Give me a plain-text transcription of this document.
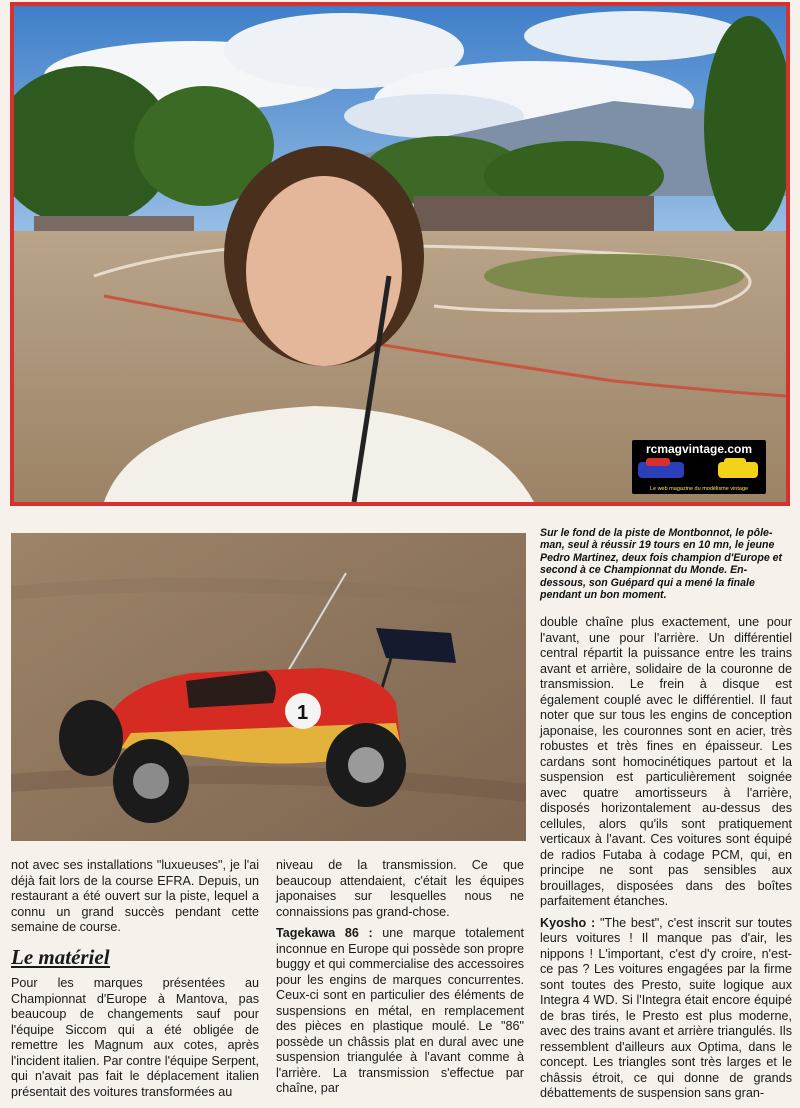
rcmagvintage.com
Le web magazine du modélisme vintage
1
Sur le fond de la piste de Montbonnot, le pôle-man, seul à réussir 19 tours en 10 mn, le jeune Pedro Martinez, deux fois champion d'Europe et second à ce Championnat du Monde. En-dessous, son Guépard qui a mené la finale pendant un bon moment.

not avec ses installations "luxueuses", je l'ai déjà fait lors de la course EFRA. Depuis, un restaurant a été ouvert sur la piste, lequel a connu un grand succès pendant cette semaine de course.

Le matériel

Pour les marques présentées au Championnat d'Europe à Mantova, pas beaucoup de changements sauf pour l'équipe Siccom qui a été obligée de remettre les Magnum aux cotes, après l'incident italien. Par contre l'équipe Serpent, qui n'avait pas fait le déplacement italien présentait des voitures transformées au

niveau de la transmission. Ce que beaucoup attendaient, c'était les équipes japonaises sur lesquelles nous ne connaissions pas grand-chose.

Tagekawa 86 : une marque totalement inconnue en Europe qui possède son propre buggy et qui commercialise des accessoires pour les engins de marques concurrentes. Ceux-ci sont en particulier des éléments de suspensions en métal, en remplacement des pièces en plastique moulé. Le "86" possède un châssis plat en dural avec une suspension triangulée à l'avant comme à l'arrière. La transmission s'effectue par chaîne, par

double chaîne plus exactement, une pour l'avant, une pour l'arrière. Un différentiel central répartit la puissance entre les trains avant et arrière, solidaire de la couronne de transmission. Le frein à disque est également couplé avec le différentiel. Il faut noter que sur tous les engins de conception japonaise, les couronnes sont en acier, très robustes et très fines en épaisseur. Les cardans sont homocinétiques partout et la suspension est particulièrement soignée avec quatre amortisseurs à l'arrière, disposés horizontalement au-dessus des cellules, alors qu'ils sont pratiquement verticaux à l'avant. Ces voitures sont équipé de radios Futaba à codage PCM, qui, en principe ne sont pas sensibles aux brouillages, disposées dans des boîtes parfaitement étanches.

Kyosho : "The best", c'est inscrit sur toutes leurs voitures ! Il manque pas d'air, les nippons ! L'important, c'est d'y croire, n'est-ce pas ? Les voitures engagées par la firme sont toutes des Presto, suite logique aux Integra 4 WD. Si l'Integra était encore équipé de bras tirés, le Presto est plus moderne, avec des trains avant et arrière triangulés. Ils ressemblent d'ailleurs aux Optima, dans le concept. Les triangles sont très larges et le châssis étroit, ce qui donne de grands débattements de suspension sans gran-
